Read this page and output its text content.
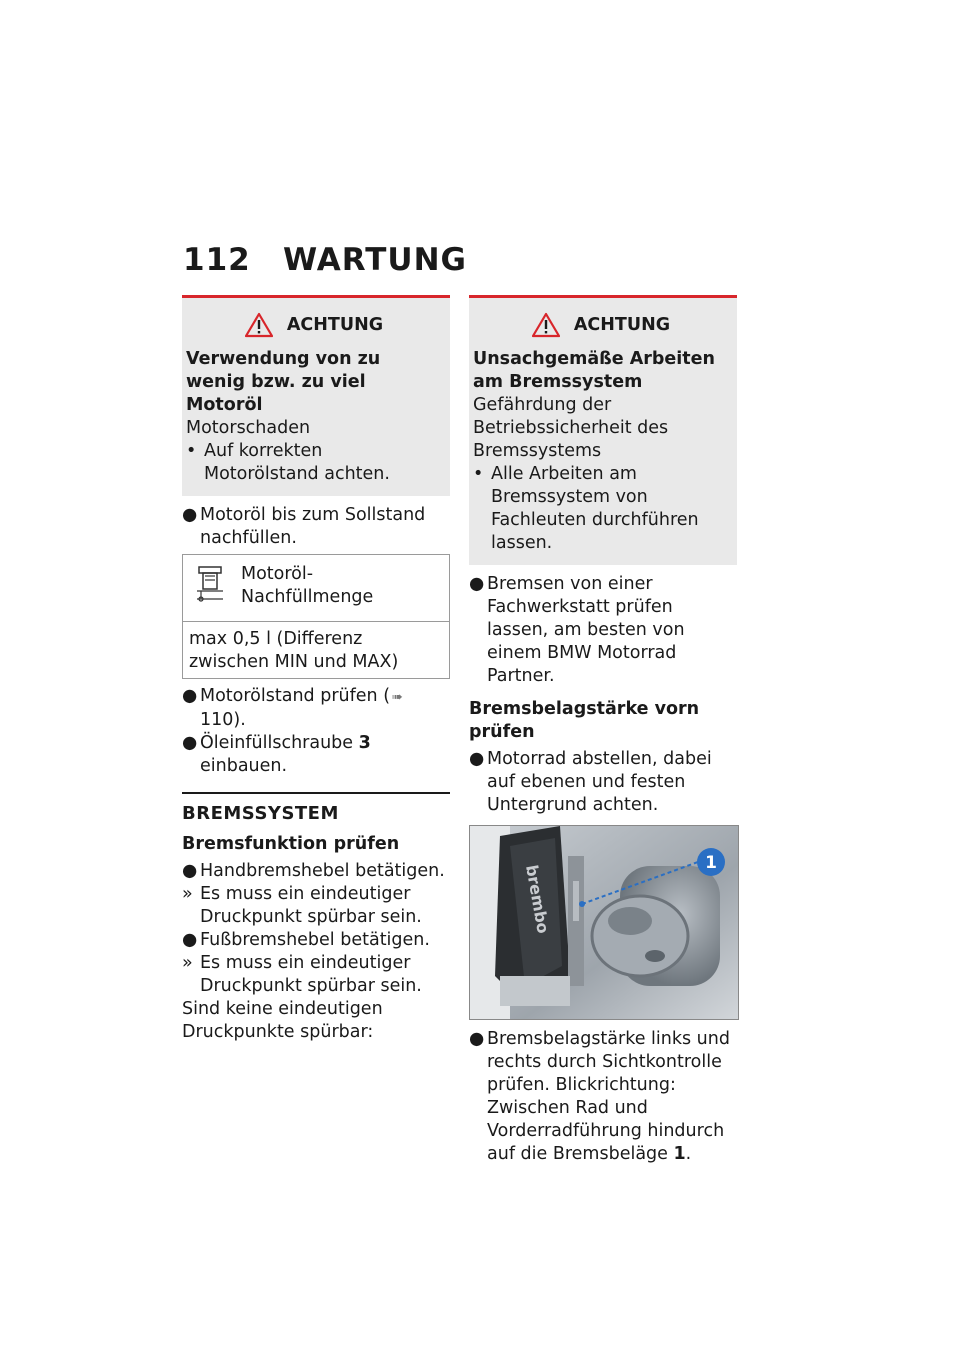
112 WARTUNG
ACHTUNG
Verwendung von zu wenig bzw. zu viel Motoröl
Motorschaden
• Auf korrekten Motorölstand achten.
● Motoröl bis zum Sollstand nachfüllen.
Motoröl-Nachfüllmenge
max 0,5 l (Differenz zwischen MIN und MAX)
● Motorölstand prüfen ( ➠110).
● Öleinfüllschraube 3 einbauen.
BREMSSYSTEM
Bremsfunktion prüfen
● Handbremshebel betätigen.
» Es muss ein eindeutiger Druckpunkt spürbar sein.
● Fußbremshebel betätigen.
» Es muss ein eindeutiger Druckpunkt spürbar sein.
Sind keine eindeutigen Druckpunkte spürbar:
ACHTUNG
Unsachgemäße Arbeiten am Bremssystem
Gefährdung der Betriebssicherheit des Bremssystems
• Alle Arbeiten am Bremssystem von Fachleuten durchführen lassen.
● Bremsen von einer Fachwerkstatt prüfen lassen, am besten von einem BMW Motorrad Partner.
Bremsbelagstärke vorn prüfen
● Motorrad abstellen, dabei auf ebenen und festen Untergrund achten.
brembo
1
● Bremsbelagstärke links und rechts durch Sichtkontrolle prüfen. Blickrichtung: Zwischen Rad und Vorderradführung hindurch auf die Bremsbeläge 1.
